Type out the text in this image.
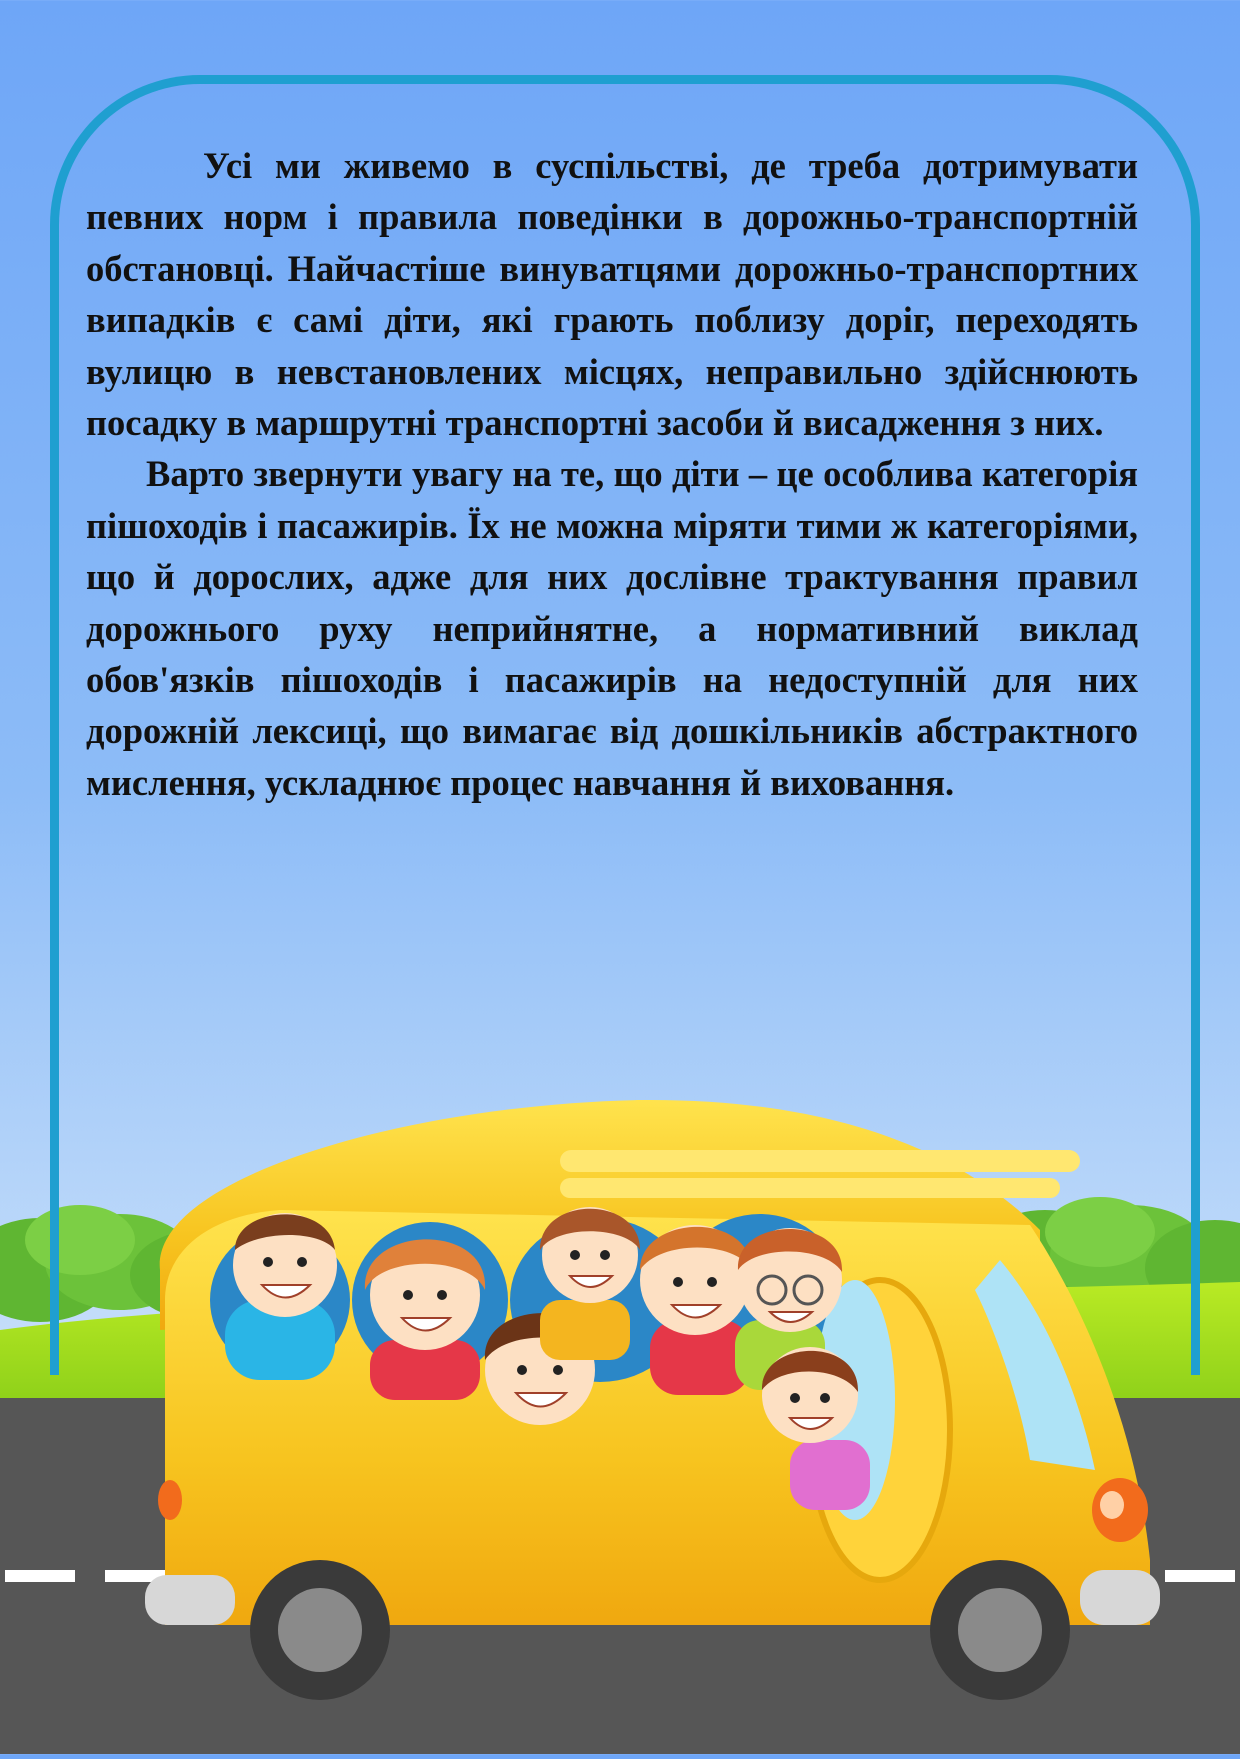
Усі ми живемо в суспільстві, де треба дотримувати певних норм і правила поведінки в дорожньо-транспортній обстановці. Найчастіше винуватцями дорожньо-транспортних випадків є самі діти, які грають поблизу доріг, переходять вулицю в невстановлених місцях, неправильно здійснюють посадку в маршрутні транспортні засоби й висадження з них.

Варто звернути увагу на те, що діти – це особлива категорія пішоходів і пасажирів. Їх не можна міряти тими ж категоріями, що й дорослих, адже для них дослівне трактування правил дорожнього руху неприйнятне, а нормативний виклад обов'язків пішоходів і пасажирів на недоступній для них дорожній лексиці, що вимагає від дошкільників абстрактного мислення, ускладнює процес навчання й виховання.
